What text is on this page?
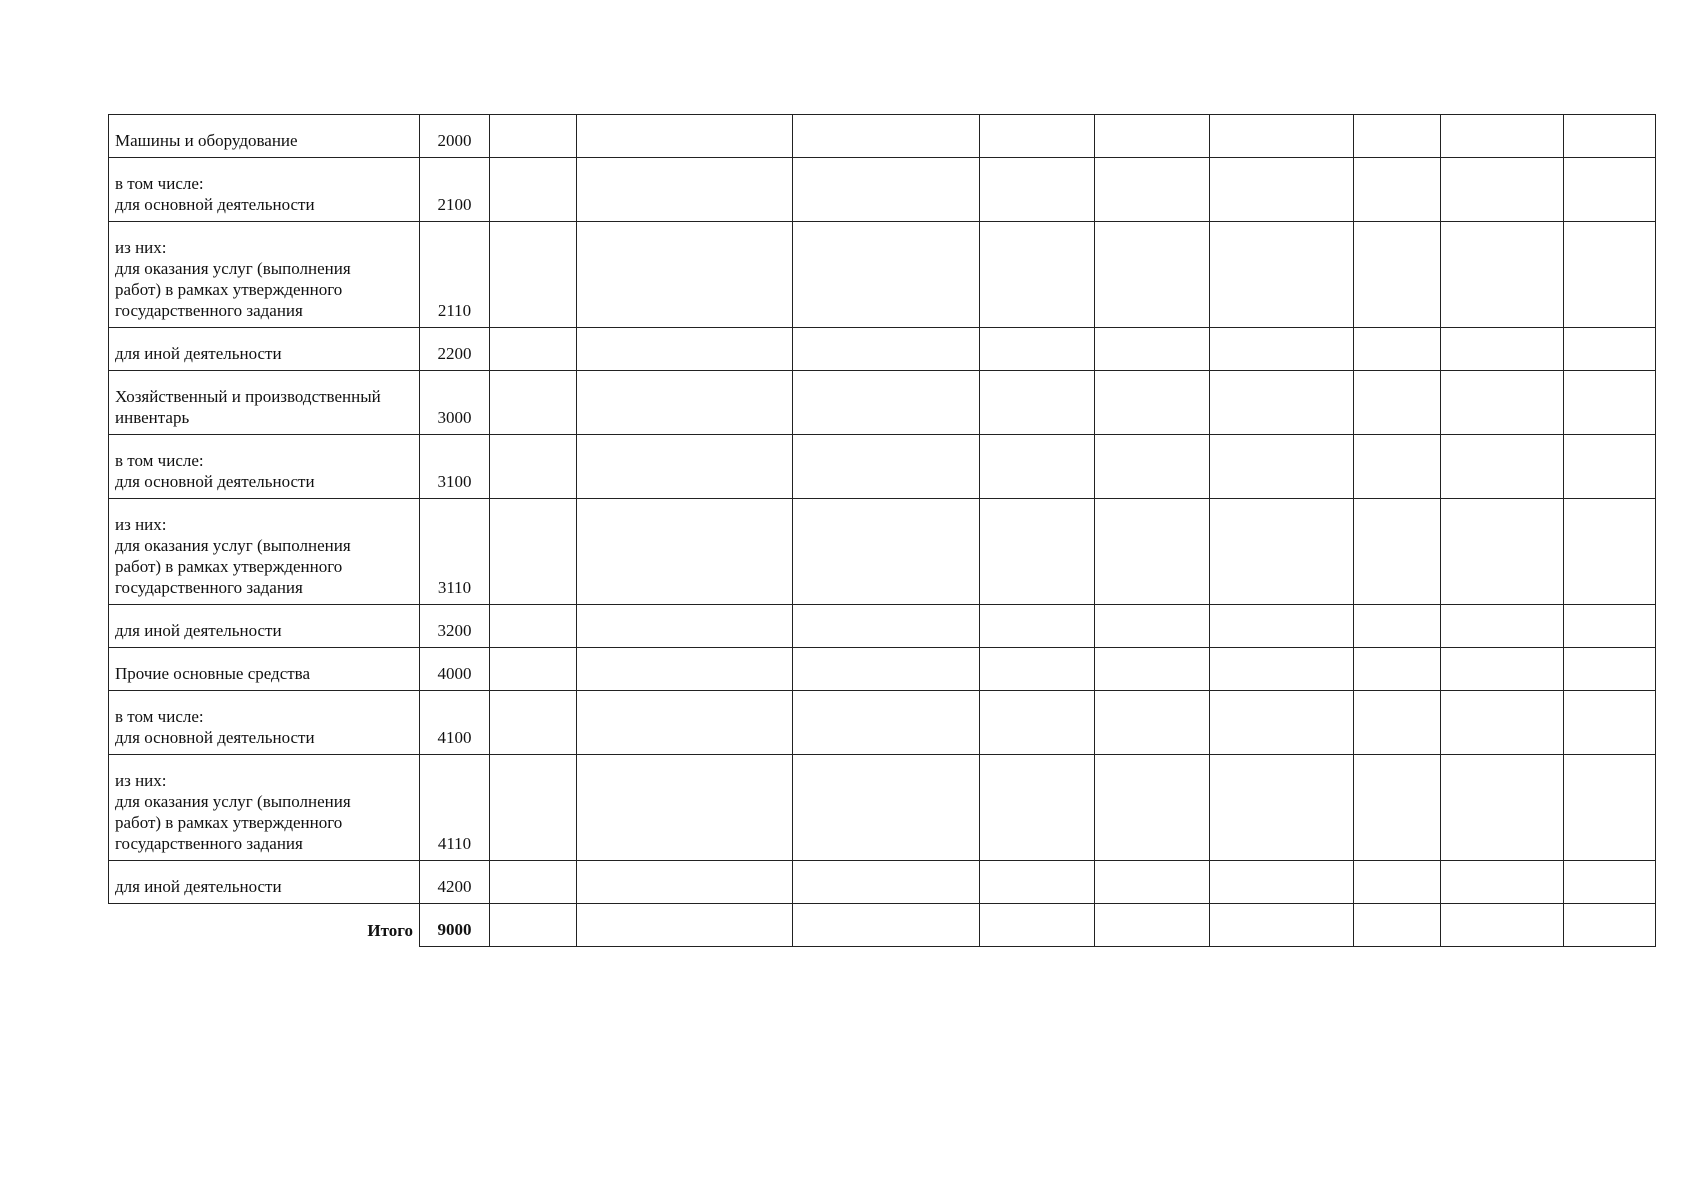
Машины и оборудование	2000									
в том числе:
для основной деятельности	2100									
из них:
для оказания услуг (выполнения
работ) в рамках утвержденного
государственного задания	2110									
для иной деятельности	2200									
Хозяйственный и производственный
инвентарь	3000									
в том числе:
для основной деятельности	3100									
из них:
для оказания услуг (выполнения
работ) в рамках утвержденного
государственного задания	3110									
для иной деятельности	3200									
Прочие основные средства	4000									
в том числе:
для основной деятельности	4100									
из них:
для оказания услуг (выполнения
работ) в рамках утвержденного
государственного задания	4110									
для иной деятельности	4200									
Итого	9000									
